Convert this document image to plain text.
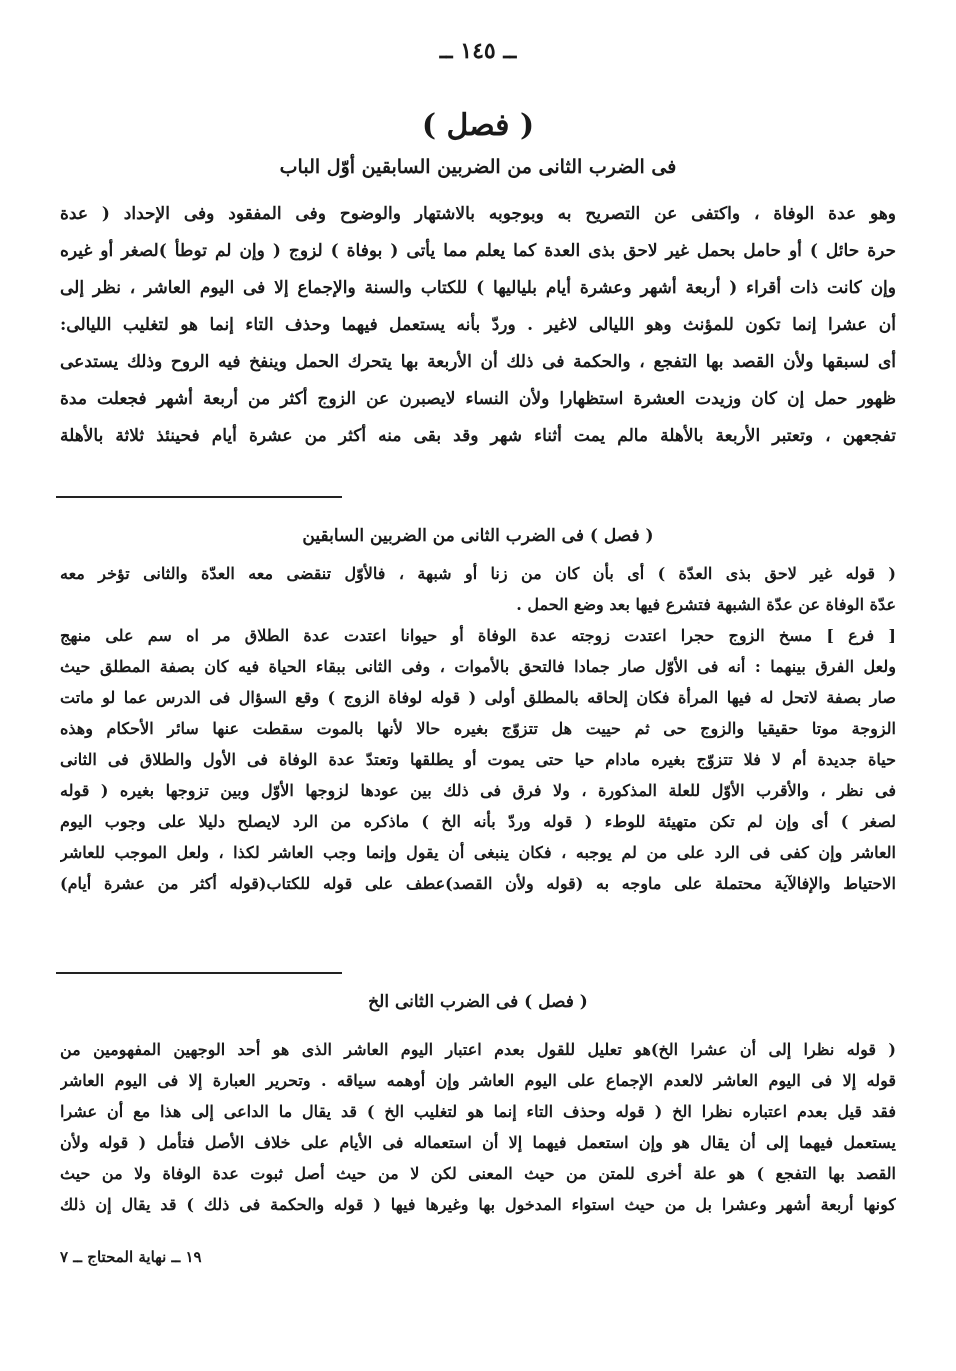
ــ ١٤٥ ــ
( فصل )
فى الضرب الثانى من الضربين السابقين أوّل الباب
وهو عدة الوفاة ، واكتفى عن التصريح به وبوجوبه بالاشتهار والوضوح وفى المفقود وفى الإحداد ( عدة
حرة حائل ) أو حامل بحمل غير لاحق بذى العدة كما يعلم مما يأتى ( بوفاة ) لزوج ( وإن لم توطأ )لصغر أو غيره
وإن كانت ذات أقراء ( أربعة أشهر وعشرة أيام بلياليها ) للكتاب والسنة والإجماع إلا فى اليوم العاشر ، نظر إلى
أن عشرا إنما تكون للمؤنث وهو الليالى لاغير . وردّ بأنه يستعمل فيهما وحذف التاء إنما هو لتغليب الليالى:
أى لسبقها ولأن القصد بها التفجع ، والحكمة فى ذلك أن الأربعة بها يتحرك الحمل وينفخ فيه الروح وذلك يستدعى
ظهور حمل إن كان وزيدت العشرة استظهارا ولأن النساء لايصبرن عن الزوج أكثر من أربعة أشهر فجعلت مدة
تفجعهن ، وتعتبر الأربعة بالأهلة مالم يمت أثناء شهر وقد بقى منه أكثر من عشرة أيام فحينئذ ثلاثة بالأهلة
( فصل ) فى الضرب الثانى من الضربين السابقين
( قوله غير لاحق بذى العدّة ) أى بأن كان من زنا أو شبهة ، فالأوّل تنقضى معه العدّة والثانى تؤخر معه
عدّة الوفاة عن عدّة الشبهة فتشرع فيها بعد وضع الحمل .
[ فرع ] مسخ الزوج حجرا اعتدت زوجته عدة الوفاة أو حيوانا اعتدت عدة الطلاق مر اه سم على منهج
ولعل الفرق بينهما : أنه فى الأوّل صار جمادا فالتحق بالأموات ، وفى الثانى ببقاء الحياة فيه كان بصفة المطلق حيث
صار بصفة لاتحل له فيها المرأة فكان إلحاقه بالمطلق أولى ( قوله لوفاة الزوج ) وقع السؤال فى الدرس عما لو ماتت
الزوجة موتا حقيقيا والزوج حى ثم حييت هل تتزوّج بغيره حالا لأنها بالموت سقطت عنها سائر الأحكام وهذه
حياة جديدة أم لا فلا تتزوّج بغيره مادام حيا حتى يموت أو يطلقها وتعتدّ عدة الوفاة فى الأول والطلاق فى الثانى
فى نظر ، والأقرب الأوّل للعلة المذكورة ، ولا فرق فى ذلك بين عودها لزوجها الأوّل وبين تزوجها بغيره ( قوله
لصغر ) أى وإن لم تكن متهيئة للوطء ( قوله وردّ بأنه الخ ) ماذكره من الرد لايصلح دليلا على وجوب اليوم
العاشر وإن كفى فى الرد على من لم يوجبه ، فكان ينبغى أن يقول وإنما وجب العاشر لكذا ، ولعل الموجب للعاشر
الاحتياط والإفالآية محتملة على ماوجه به (قوله ولأن القصد)عطف على قوله للكتاب(قوله أكثر من عشرة أيام)
( فصل ) فى الضرب الثانى الخ
( قوله نظرا إلى أن عشرا الخ)هو تعليل للقول بعدم اعتبار اليوم العاشر الذى هو أحد الوجهين المفهومين من
قوله إلا فى اليوم العاشر لالعدم الإجماع على اليوم العاشر وإن أوهمه سياقه . وتحرير العبارة إلا فى اليوم العاشر
فقد قيل بعدم اعتباره نظرا الخ ( قوله وحذف التاء إنما هو لتغليب الخ ) قد يقال ما الداعى إلى هذا مع أن عشرا
يستعمل فيهما إلى أن يقال هو وإن استعمل فيهما إلا أن استعماله فى الأيام على خلاف الأصل فتأمل ( قوله ولأن
القصد بها التفجع ) هو علة أخرى للمتن من حيث المعنى لكن لا من حيث أصل ثبوت عدة الوفاة ولا من حيث
كونها أربعة أشهر وعشرا بل من حيث استواء المدخول بها وغيرها فيها ( قوله والحكمة فى ذلك ) قد يقال إن ذلك
١٩ ــ نهاية المحتاج ــ ٧
